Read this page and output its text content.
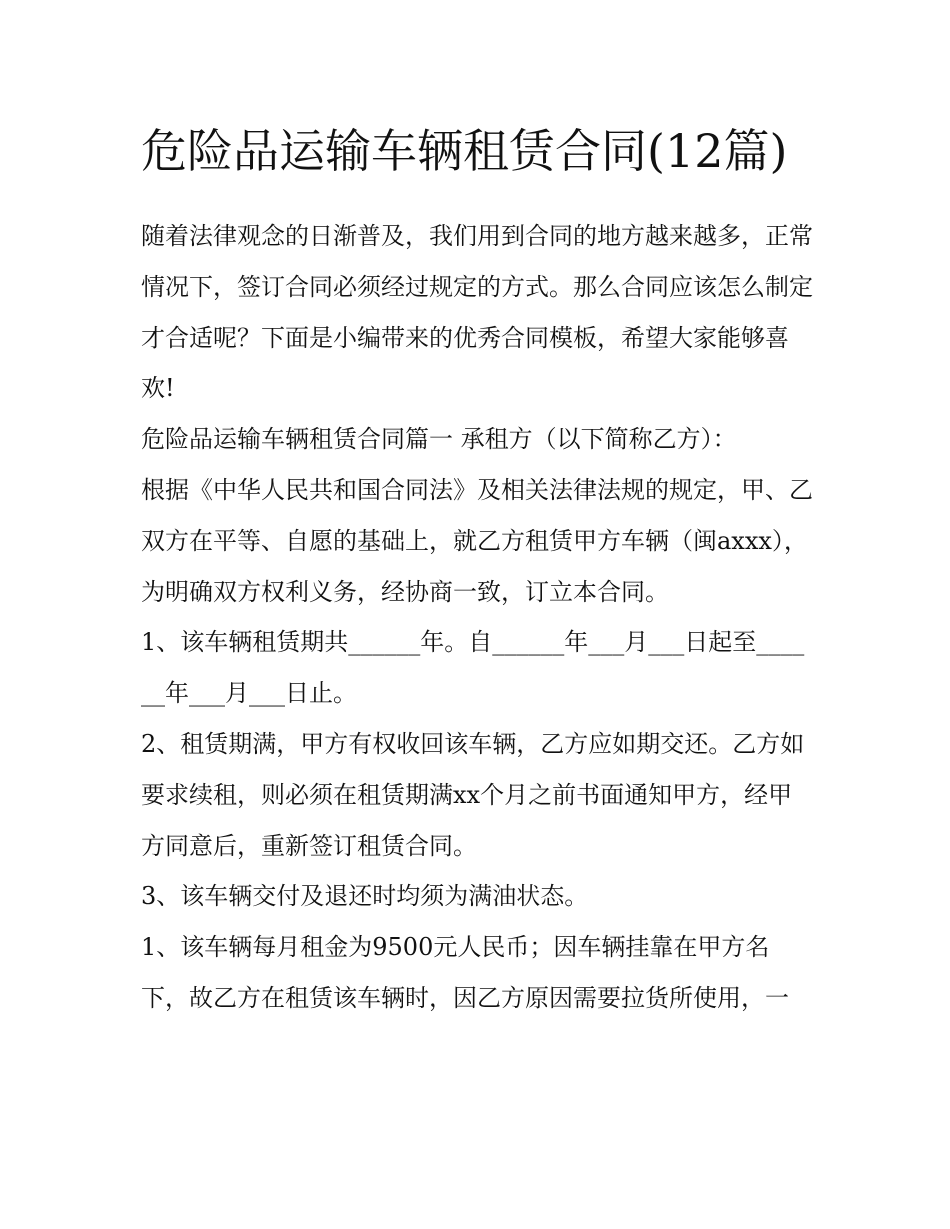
危险品运输车辆租赁合同(12篇)

随着法律观念的日渐普及，我们用到合同的地方越来越多，正常情况下，签订合同必须经过规定的方式。那么合同应该怎么制定才合适呢？下面是小编带来的优秀合同模板，希望大家能够喜欢!

危险品运输车辆租赁合同篇一 承租方（以下简称乙方）：

根据《中华人民共和国合同法》及相关法律法规的规定，甲、乙双方在平等、自愿的基础上，就乙方租赁甲方车辆（闽axxx），为明确双方权利义务，经协商一致，订立本合同。

1、该车辆租赁期共______年。自______年___月___日起至______年___月___日止。

2、租赁期满，甲方有权收回该车辆，乙方应如期交还。乙方如要求续租，则必须在租赁期满xx个月之前书面通知甲方，经甲方同意后，重新签订租赁合同。

3、该车辆交付及退还时均须为满油状态。

1、该车辆每月租金为9500元人民币；因车辆挂靠在甲方名下，故乙方在租赁该车辆时，因乙方原因需要拉货所使用，一
